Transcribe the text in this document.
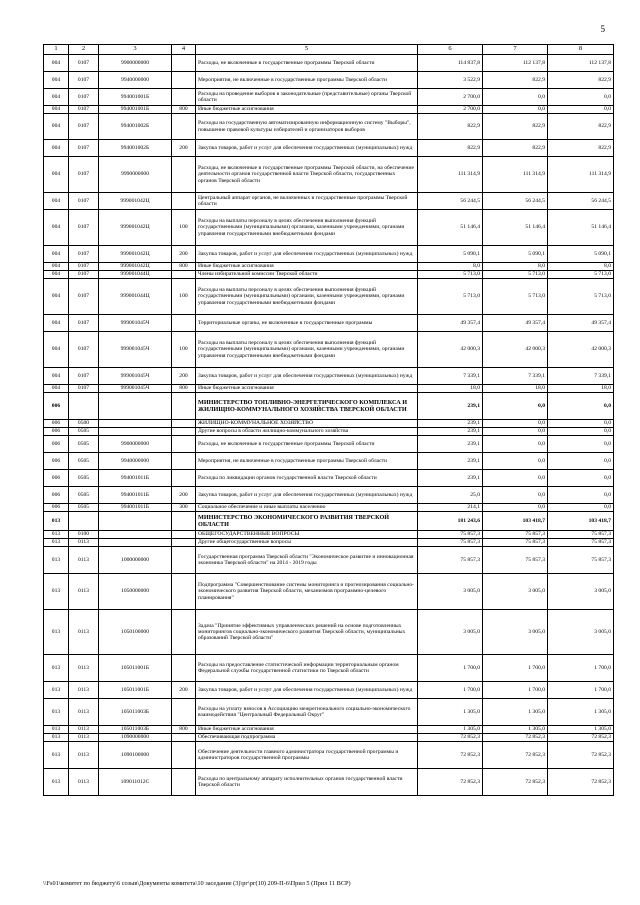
5
1	2	3	4	5	6	7	8
004	0107	9900000000		Расходы, не включенные в государственные программы Тверской области	114 837,8	112 137,8	112 137,8
004	0107	9940000000		Мероприятия, не включенные в государственные программы Тверской области	3 522,9	822,9	822,9
004	0107	994001001Б		Расходы на проведение выборов в законодательные (представительные) органы Тверской области	2 700,0	0,0	0,0
004	0107	994001001Б	800	Иные бюджетные ассигнования	2 700,0	0,0	0,0
004	0107	994001002Б		Расходы на государственную автоматизированную информационную систему "Выборы", повышение правовой культуры избирателей и организаторов выборов	822,9	822,9	822,9
004	0107	994001002Б	200	Закупка товаров, работ и услуг для обеспечения государственных (муниципальных) нужд	822,9	822,9	822,9
004	0107	9990000000		Расходы, не включенные в государственные программы Тверской области, на обеспечение деятельности органов государственной власти Тверской области, государственных органов Тверской области	111 314,9	111 314,9	111 314,9
004	0107	999001042Ц		Центральный аппарат органов, не включенных в государственные программы Тверской области	56 244,5	56 244,5	56 244,5
004	0107	999001042Ц	100	Расходы на выплаты персоналу в целях обеспечения выполнения функций государственными (муниципальными) органами, казенными учреждениями, органами управления государственными внебюджетными фондами	51 146,4	51 146,4	51 146,4
004	0107	999001042Ц	200	Закупка товаров, работ и услуг для обеспечения государственных (муниципальных) нужд	5 090,1	5 090,1	5 090,1
004	0107	999001042Ц	800	Иные бюджетные ассигнования	8,0	8,0	8,0
004	0107	999001044Ц		Члены избирательной комиссии Тверской области	5 713,0	5 713,0	5 713,0
004	0107	999001044Ц	100	Расходы на выплаты персоналу в целях обеспечения выполнения функций государственными (муниципальными) органами, казенными учреждениями, органами управления государственными внебюджетными фондами	5 713,0	5 713,0	5 713,0
004	0107	999001045Ч		Территориальные органы, не включенные в государственные программы	49 357,4	49 357,4	49 357,4
004	0107	999001045Ч	100	Расходы на выплаты персоналу в целях обеспечения выполнения функций государственными (муниципальными) органами, казенными учреждениями, органами управления государственными внебюджетными фондами	42 000,3	42 000,3	42 000,3
004	0107	999001045Ч	200	Закупка товаров, работ и услуг для обеспечения государственных (муниципальных) нужд	7 339,1	7 339,1	7 339,1
004	0107	999001045Ч	800	Иные бюджетные ассигнования	18,0	18,0	18,0
006				МИНИСТЕРСТВО ТОПЛИВНО-ЭНЕРГЕТИЧЕСКОГО КОМПЛЕКСА И ЖИЛИЩНО-КОММУНАЛЬНОГО ХОЗЯЙСТВА ТВЕРСКОЙ ОБЛАСТИ	239,1	0,0	0,0
006	0500			ЖИЛИЩНО-КОММУНАЛЬНОЕ ХОЗЯЙСТВО	239,1	0,0	0,0
006	0505			Другие вопросы в области жилищно-коммунального хозяйства	239,1	0,0	0,0
006	0505	9900000000		Расходы, не включенные в государственные программы Тверской области	239,1	0,0	0,0
006	0505	9940000000		Мероприятия, не включенные в государственные программы Тверской области	239,1	0,0	0,0
006	0505	994001011Б		Расходы по ликвидации органов государственной власти Тверской области	239,1	0,0	0,0
006	0505	994001011Б	200	Закупка товаров, работ и услуг для обеспечения государственных (муниципальных) нужд	25,0	0,0	0,0
006	0505	994001011Б	300	Социальное обеспечение и иные выплаты населению	214,1	0,0	0,0
013				МИНИСТЕРСТВО ЭКОНОМИЧЕСКОГО РАЗВИТИЯ ТВЕРСКОЙ ОБЛАСТИ	181 243,6	103 418,7	103 418,7
013	0100			ОБЩЕГОСУДАРСТВЕННЫЕ ВОПРОСЫ	75 857,3	75 857,3	75 857,3
013	0113			Другие общегосударственные вопросы	75 857,3	75 857,3	75 857,3
013	0113	1000000000		Государственная программа Тверской области "Экономическое развитие и инновационная экономика Тверской области" на 2014 - 2019 годы	75 857,3	75 857,3	75 857,3
013	0113	1050000000		Подпрограмма "Совершенствование системы мониторинга и прогнозирования социально-экономического развития Тверской области, механизмов программно-целевого планирования"	3 005,0	3 005,0	3 005,0
013	0113	1050100000		Задача "Принятие эффективных управленческих решений на основе подготовленных мониторингов социально-экономического развития Тверской области, муниципальных образований Тверской области"	3 005,0	3 005,0	3 005,0
013	0113	105011001Б		Расходы на предоставление статистической информации территориальным органом Федеральной службы государственной статистики по Тверской области	1 700,0	1 700,0	1 700,0
013	0113	105011001Б	200	Закупка товаров, работ и услуг для обеспечения государственных (муниципальных) нужд	1 700,0	1 700,0	1 700,0
013	0113	105011003Б		Расходы на уплату взносов в Ассоциацию межрегионального социально-экономического взаимодействия "Центральный Федеральный Округ"	1 305,0	1 305,0	1 305,0
013	0113	105011003Б	800	Иные бюджетные ассигнования	1 305,0	1 305,0	1 305,0
013	0113	1090000000		Обеспечивающая подпрограмма	72 852,3	72 852,3	72 852,3
013	0113	1090100000		Обеспечение деятельности главного администратора государственной программы и администраторов государственной программы	72 852,3	72 852,3	72 852,3
013	0113	109011012С		Расходы по центральному аппарату исполнительных органов государственной власти Тверской области	72 852,3	72 852,3	72 852,3
\\Fs01\комитет по бюджету\6 созыв\Документы комитета\10 заседание (3)\рг\рг(10) 209-П-6\Прил 5 (Прил 11 ВСР)
